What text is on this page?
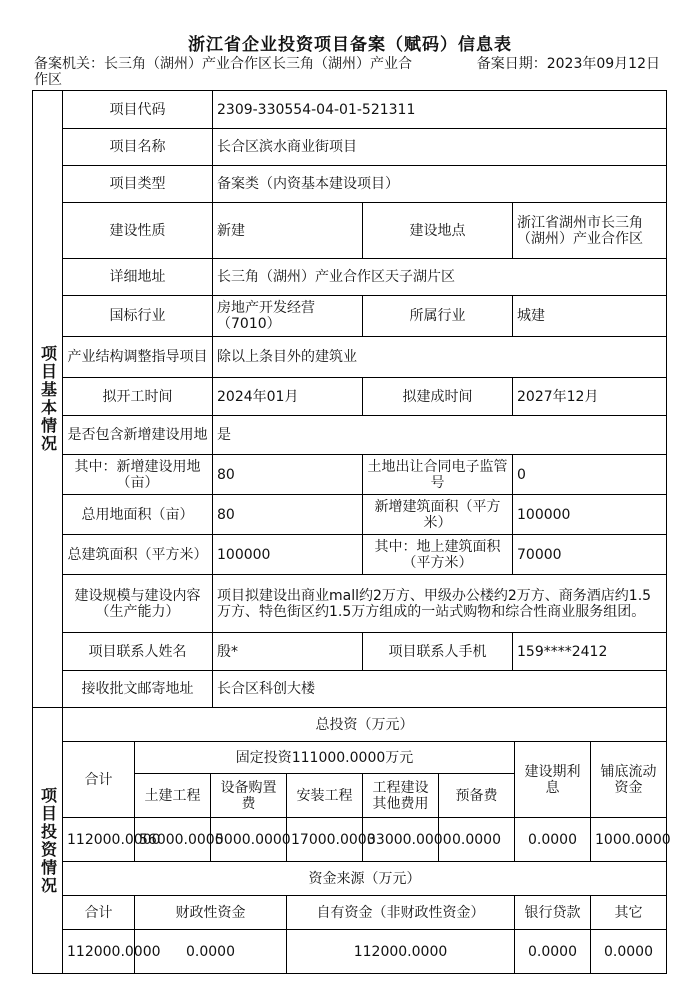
浙江省企业投资项目备案（赋码）信息表
备案机关：长三角（湖州）产业合作区长三角（湖州）产业合作区
备案日期：2023年09月12日
项目基本情况	项目代码	2309-330554-04-01-521311		
	项目名称	长合区滨水商业街项目		
	项目类型	备案类（内资基本建设项目）		
	建设性质	新建	建设地点	浙江省湖州市长三角（湖州）产业合作区
	详细地址	长三角（湖州）产业合作区天子湖片区		
	国标行业	房地产开发经营（7010）	所属行业	城建
	产业结构调整指导项目	除以上条目外的建筑业		
	拟开工时间	2024年01月	拟建成时间	2027年12月
	是否包含新增建设用地	是		
	其中：新增建设用地（亩）	80	土地出让合同电子监管号	0
	总用地面积（亩）	80	新增建筑面积（平方米）	100000
	总建筑面积（平方米）	100000	其中：地上建筑面积（平方米）	70000
	建设规模与建设内容（生产能力）	项目拟建设出商业mall约2万方、甲级办公楼约2万方、商务酒店约1.5万方、特色街区约1.5万方组成的一站式购物和综合性商业服务组团。		
	项目联系人姓名	殷*	项目联系人手机	159****2412
	接收批文邮寄地址	长合区科创大楼		
项目投资情况	总投资（万元）							
	合计	固定投资111000.0000万元					建设期利息	铺底流动资金
		土建工程	设备购置费	安装工程	工程建设其他费用	预备费		
	112000.0000	56000.0000	5000.0000	17000.0000	33000.0000	0.0000	0.0000	1000.0000
	资金来源（万元）							
	合计	财政性资金		自有资金（非财政性资金）			银行贷款	其它
	112000.0000	0.0000		112000.0000			0.0000	0.0000
